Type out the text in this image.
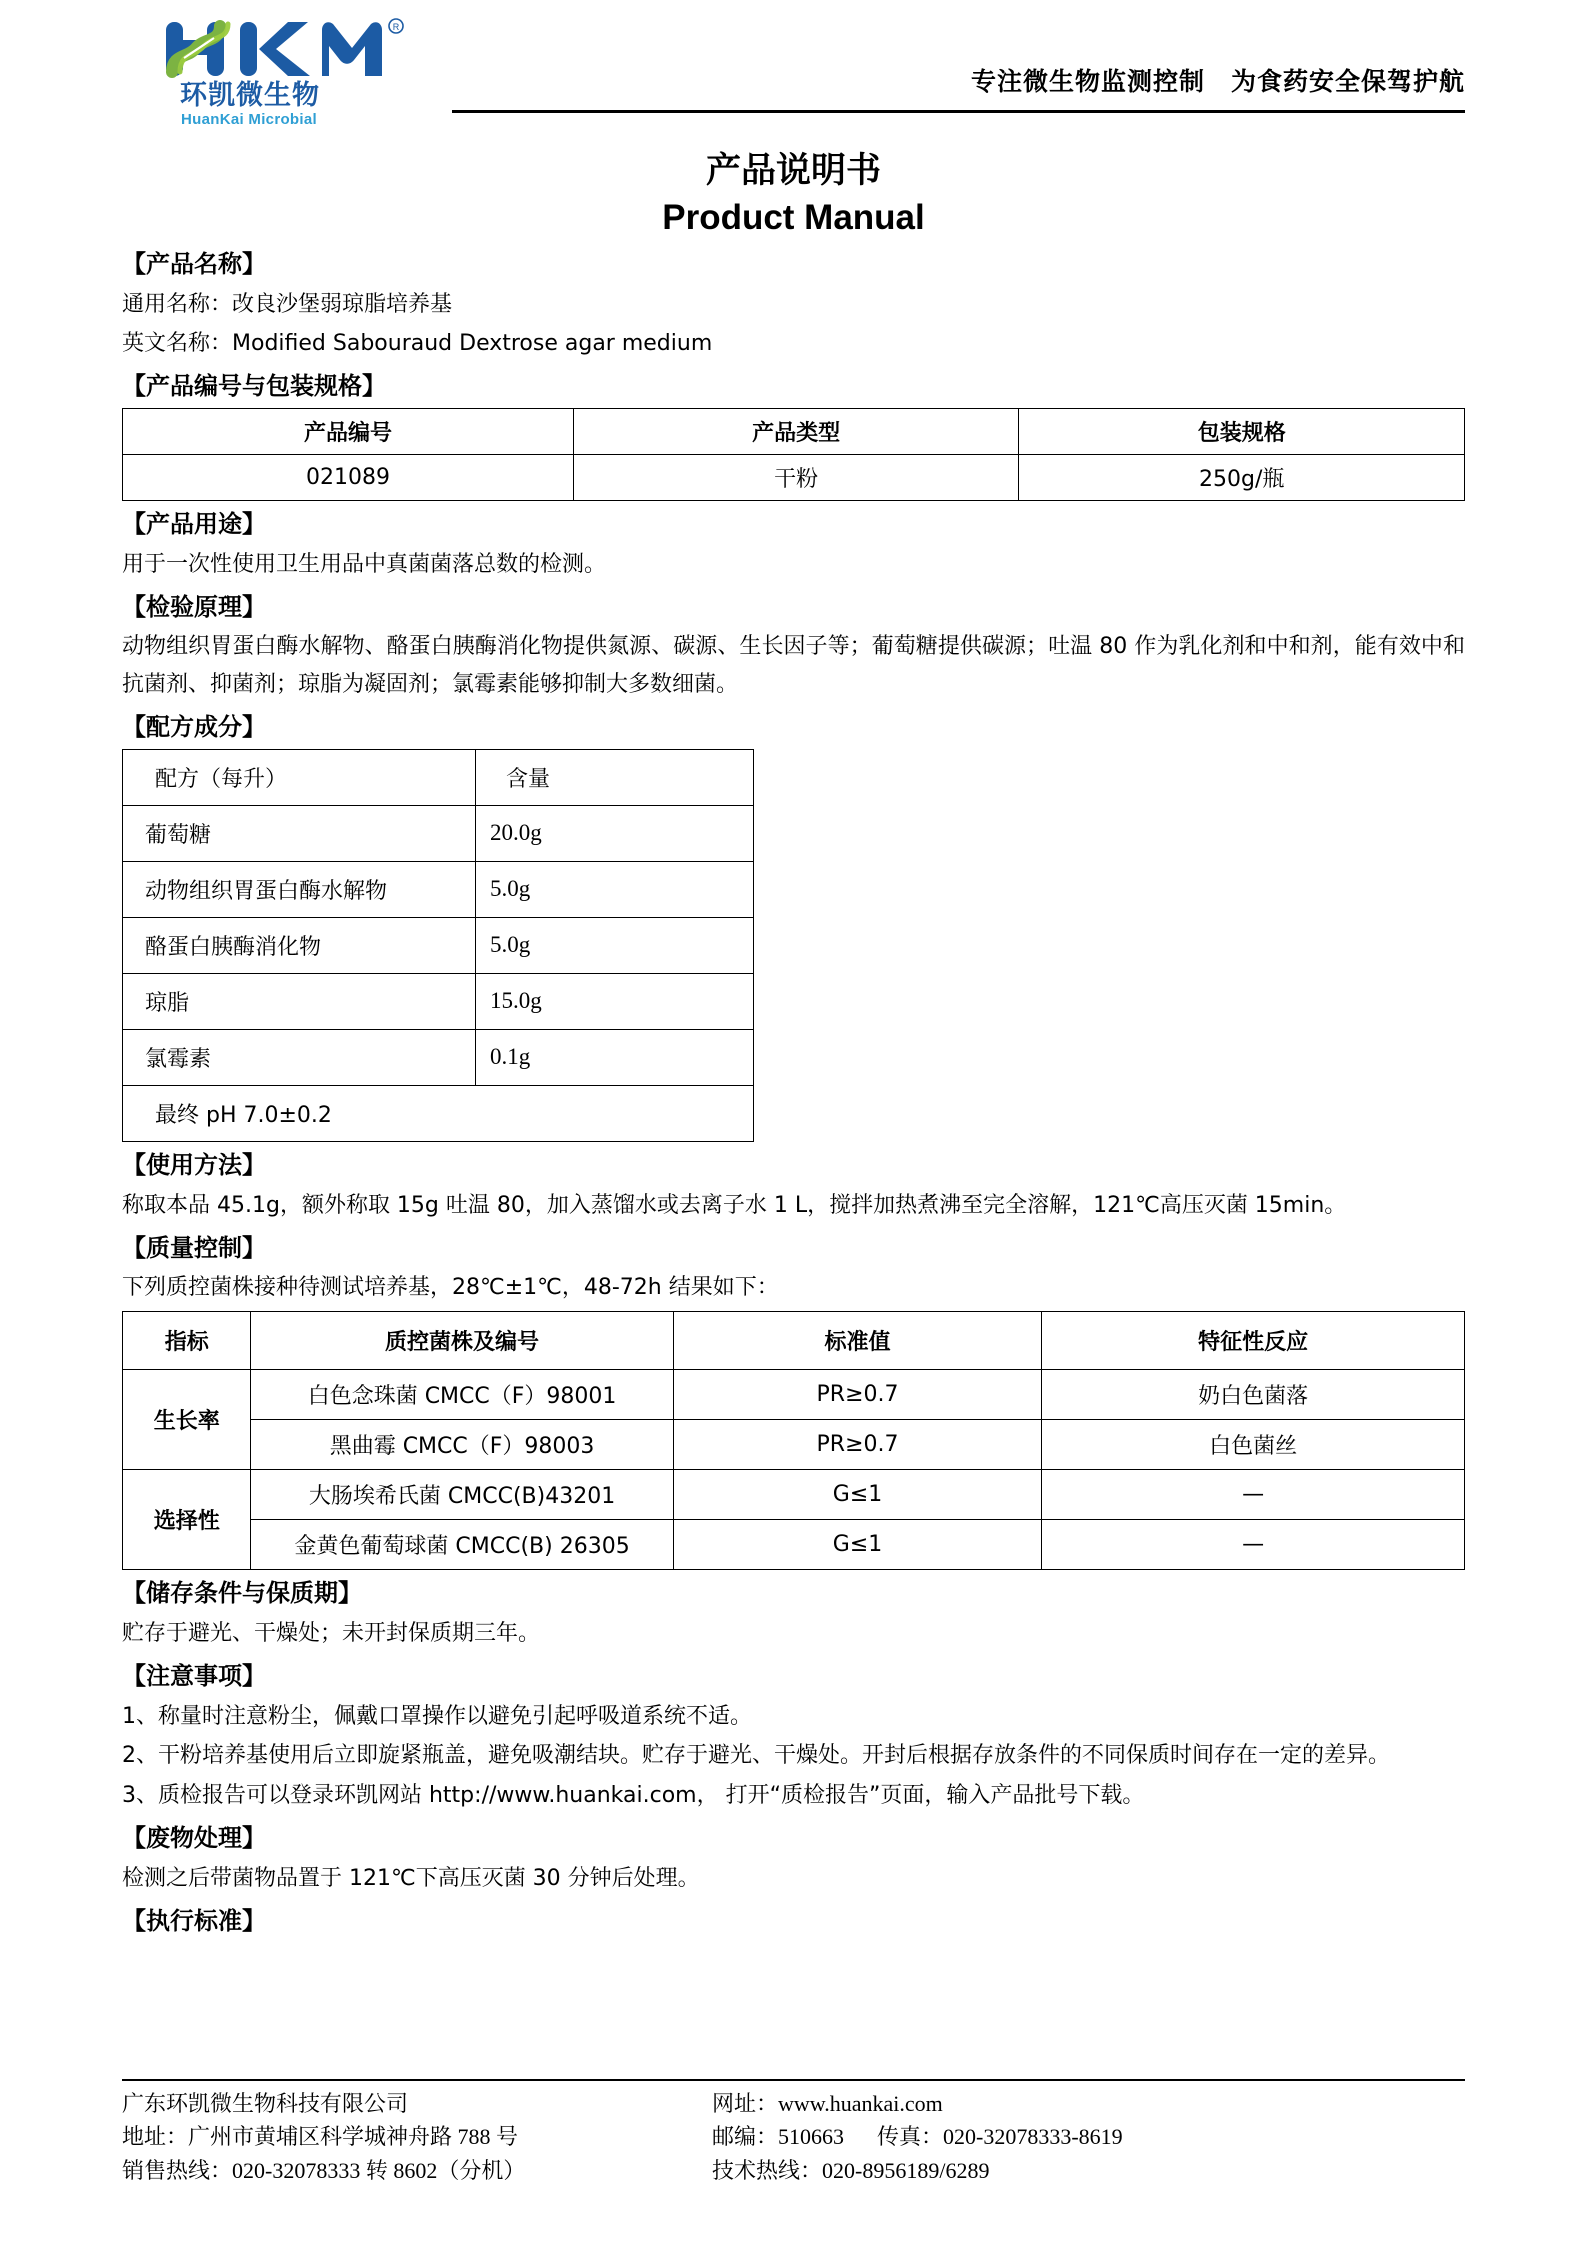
R
环凯微生物
HuanKai Microbial
专注微生物监测控制　为食药安全保驾护航
产品说明书
Product Manual
【产品名称】
通用名称：改良沙堡弱琼脂培养基
英文名称：Modified Sabouraud Dextrose agar medium
【产品编号与包装规格】
产品编号	产品类型	包装规格
021089	干粉	250g/瓶
【产品用途】
用于一次性使用卫生用品中真菌菌落总数的检测。
【检验原理】
动物组织胃蛋白酶水解物、酪蛋白胰酶消化物提供氮源、碳源、生长因子等；葡萄糖提供碳源；吐温 80 作为乳化剂和中和剂，能有效中和抗菌剂、抑菌剂；琼脂为凝固剂；氯霉素能够抑制大多数细菌。
【配方成分】
配方（每升）	含量
葡萄糖	20.0g
动物组织胃蛋白酶水解物	5.0g
酪蛋白胰酶消化物	5.0g
琼脂	15.0g
氯霉素	0.1g
最终 pH 7.0±0.2	
【使用方法】
称取本品 45.1g，额外称取 15g 吐温 80，加入蒸馏水或去离子水 1 L，搅拌加热煮沸至完全溶解，121℃高压灭菌 15min。
【质量控制】
下列质控菌株接种待测试培养基，28℃±1℃，48-72h 结果如下：
指标	质控菌株及编号	标准值	特征性反应
生长率	白色念珠菌 CMCC（F）98001	PR≥0.7	奶白色菌落
	黑曲霉 CMCC（F）98003	PR≥0.7	白色菌丝
选择性	大肠埃希氏菌 CMCC(B)43201	G≤1	—
	金黄色葡萄球菌 CMCC(B) 26305	G≤1	—
【储存条件与保质期】
贮存于避光、干燥处；未开封保质期三年。
【注意事项】
1、称量时注意粉尘，佩戴口罩操作以避免引起呼吸道系统不适。
2、干粉培养基使用后立即旋紧瓶盖，避免吸潮结块。贮存于避光、干燥处。开封后根据存放条件的不同保质时间存在一定的差异。
3、质检报告可以登录环凯网站 http://www.huankai.com， 打开“质检报告”页面，输入产品批号下载。
【废物处理】
检测之后带菌物品置于 121℃下高压灭菌 30 分钟后处理。
【执行标准】
广东环凯微生物科技有限公司
地址：广州市黄埔区科学城神舟路 788 号
销售热线：020-32078333 转 8602（分机）
网址：www.huankai.com
邮编：510663      传真：020-32078333-8619
技术热线：020-8956189/6289
